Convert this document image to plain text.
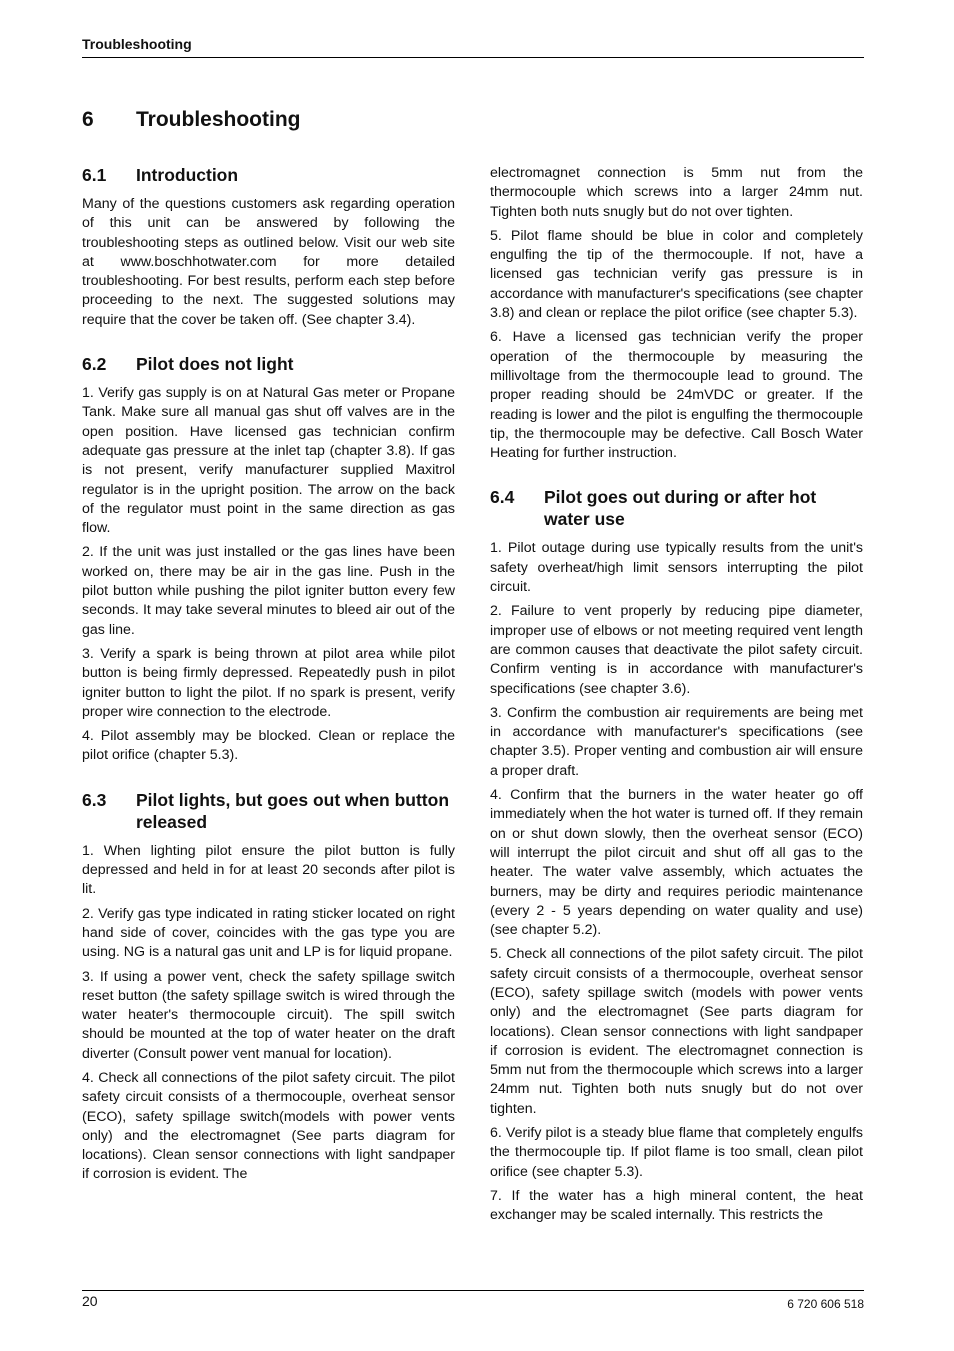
Troubleshooting
6 Troubleshooting
6.1	Introduction

Many of the questions customers ask regarding operation of this unit can be answered by following the troubleshooting steps as outlined below. Visit our web site at www.boschhotwater.com for more detailed troubleshooting. For best results, perform each step before proceeding to the next. The suggested solutions may require that the cover be taken off. (See chapter 3.4).

6.2	Pilot does not light

1. Verify gas supply is on at Natural Gas meter or Propane Tank. Make sure all manual gas shut off valves are in the open position. Have licensed gas technician confirm adequate gas pressure at the inlet tap (chapter 3.8). If gas is not present, verify manufacturer supplied Maxitrol regulator is in the upright position. The arrow on the back of the regulator must point in the same direction as gas flow.

2. If the unit was just installed or the gas lines have been worked on, there may be air in the gas line. Push in the pilot button while pushing the pilot igniter button every few seconds. It may take several minutes to bleed air out of the gas line.

3. Verify a spark is being thrown at pilot area while pilot button is being firmly depressed. Repeatedly push in pilot igniter button to light the pilot. If no spark is present, verify proper wire connection to the electrode.

4. Pilot assembly may be blocked. Clean or replace the pilot orifice (chapter 5.3).

6.3	Pilot lights, but goes out when button released

1. When lighting pilot ensure the pilot button is fully depressed and held in for at least 20 seconds after pilot is lit.

2. Verify gas type indicated in rating sticker located on right hand side of cover, coincides with the gas type you are using. NG is a natural gas unit and LP is for liquid propane.

3. If using a power vent, check the safety spillage switch reset button (the safety spillage switch is wired through the water heater's thermocouple circuit). The spill switch should be mounted at the top of water heater on the draft diverter (Consult power vent manual for location).

4. Check all connections of the pilot safety circuit. The pilot safety circuit consists of a thermocouple, overheat sensor (ECO), safety spillage switch(models with power vents only) and the electromagnet (See parts diagram for locations). Clean sensor connections with light sandpaper if corrosion is evident. The

electromagnet connection is 5mm nut from the thermocouple which screws into a larger 24mm nut. Tighten both nuts snugly but do not over tighten.

5. Pilot flame should be blue in color and completely engulfing the tip of the thermocouple. If not, have a licensed gas technician verify gas pressure is in accordance with manufacturer's specifications (see chapter 3.8) and clean or replace the pilot orifice (see chapter 5.3).

6. Have a licensed gas technician verify the proper operation of the thermocouple by measuring the millivoltage from the thermocouple lead to ground. The proper reading should be 24mVDC or greater. If the reading is lower and the pilot is engulfing the thermocouple tip, the thermocouple may be defective. Call Bosch Water Heating for further instruction.

6.4	Pilot goes out during or after hot water use

1. Pilot outage during use typically results from the unit's safety overheat/high limit sensors interrupting the pilot circuit.

2. Failure to vent properly by reducing pipe diameter, improper use of elbows or not meeting required vent length are common causes that deactivate the pilot safety circuit. Confirm venting is in accordance with manufacturer's specifications (see chapter 3.6).

3. Confirm the combustion air requirements are being met in accordance with manufacturer's specifications (see chapter 3.5). Proper venting and combustion air will ensure a proper draft.

4. Confirm that the burners in the water heater go off immediately when the hot water is turned off. If they remain on or shut down slowly, then the overheat sensor (ECO) will interrupt the pilot circuit and shut off all gas to the heater. The water valve assembly, which actuates the burners, may be dirty and requires periodic maintenance (every 2 - 5 years depending on water quality and use) (see chapter 5.2).

5. Check all connections of the pilot safety circuit. The pilot safety circuit consists of a thermocouple, overheat sensor (ECO), safety spillage switch (models with power vents only) and the electromagnet (See parts diagram for locations). Clean sensor connections with light sandpaper if corrosion is evident. The electromagnet connection is 5mm nut from the thermocouple which screws into a larger 24mm nut. Tighten both nuts snugly but do not over tighten.

6. Verify pilot is a steady blue flame that completely engulfs the thermocouple tip. If pilot flame is too small, clean pilot orifice (see chapter 5.3).

7. If the water has a high mineral content, the heat exchanger may be scaled internally. This restricts the

20	6 720 606 518
